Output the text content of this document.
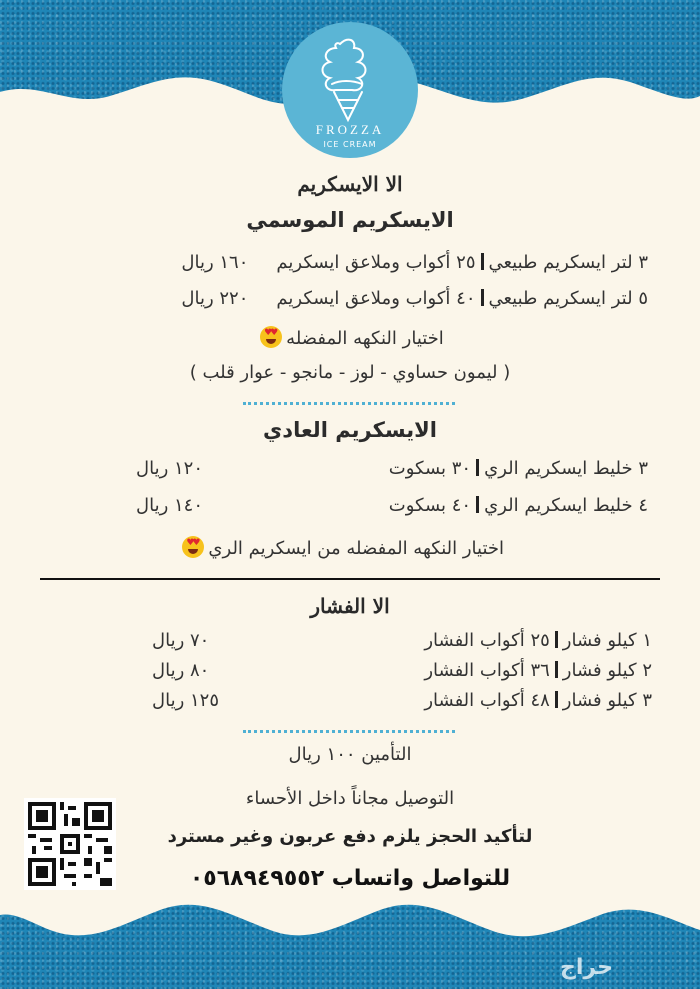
FROZZA
ICE CREAM
الا الايسكريم
الايسكريم الموسمي
٣ لتر ايسكريم طبيعي٢٥ أكواب وملاعق ايسكريم١٦٠ ريال
٥ لتر ايسكريم طبيعي٤٠ أكواب وملاعق ايسكريم٢٢٠ ريال
اختيار النكهه المفضله♥
♥
( ليمون حساوي - لوز - مانجو - عوار قلب )
الايسكريم العادي
٣ خليط ايسكريم الري٣٠ بسكوت
١٢٠ ريال
٤ خليط ايسكريم الري٤٠ بسكوت
١٤٠ ريال
اختيار النكهه المفضله من ايسكريم الري♥
♥
الا الفشار
١ كيلو فشار٢٥ أكواب الفشار
٧٠ ريال
٢ كيلو فشار٣٦ أكواب الفشار
٨٠ ريال
٣ كيلو فشار٤٨ أكواب الفشار
١٢٥ ريال
التأمين ١٠٠ ريال
التوصيل مجاناً داخل الأحساء
لتأكيد الحجز يلزم دفع عربون وغير مسترد
للتواصل واتساب ٠٥٦٨٩٤٩٥٥٢
حراج
